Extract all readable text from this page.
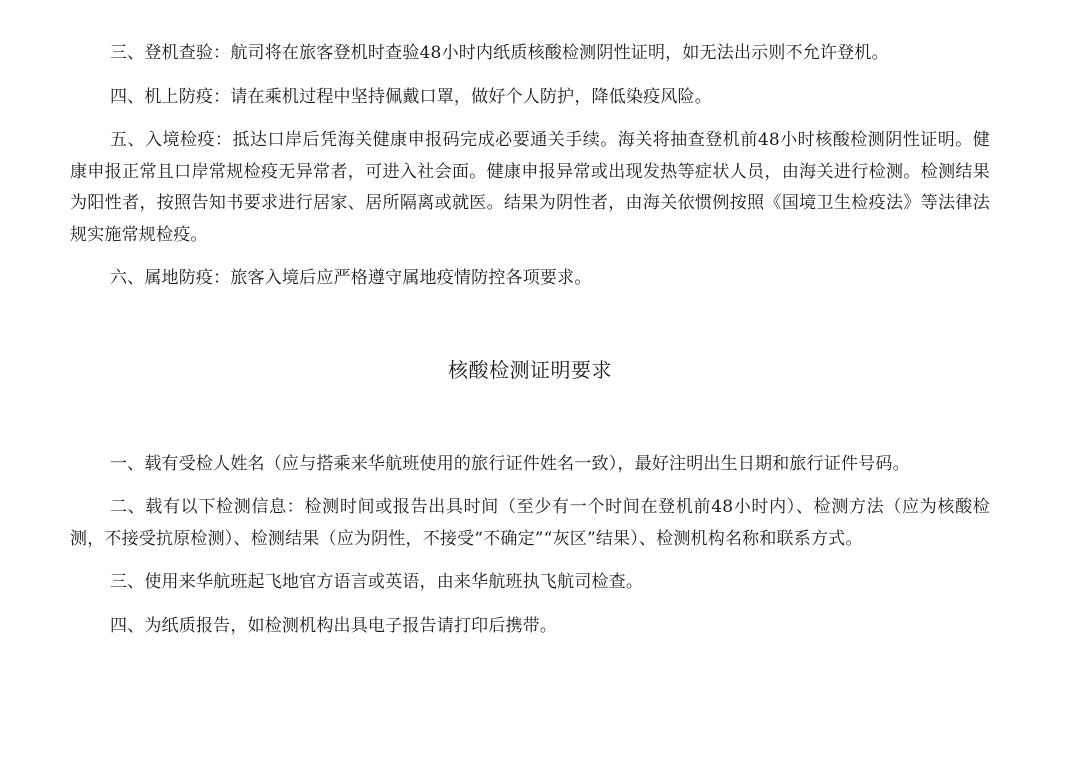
三、登机查验：航司将在旅客登机时查验48小时内纸质核酸检测阴性证明，如无法出示则不允许登机。

四、机上防疫：请在乘机过程中坚持佩戴口罩，做好个人防护，降低染疫风险。

五、入境检疫：抵达口岸后凭海关健康申报码完成必要通关手续。海关将抽查登机前48小时核酸检测阴性证明。健康申报正常且口岸常规检疫无异常者，可进入社会面。健康申报异常或出现发热等症状人员，由海关进行检测。检测结果为阳性者，按照告知书要求进行居家、居所隔离或就医。结果为阴性者，由海关依惯例按照《国境卫生检疫法》等法律法规实施常规检疫。

六、属地防疫：旅客入境后应严格遵守属地疫情防控各项要求。

核酸检测证明要求

一、载有受检人姓名（应与搭乘来华航班使用的旅行证件姓名一致），最好注明出生日期和旅行证件号码。

二、载有以下检测信息：检测时间或报告出具时间（至少有一个时间在登机前48小时内）、检测方法（应为核酸检测，不接受抗原检测）、检测结果（应为阴性，不接受“不确定”“灰区”结果）、检测机构名称和联系方式。

三、使用来华航班起飞地官方语言或英语，由来华航班执飞航司检查。

四、为纸质报告，如检测机构出具电子报告请打印后携带。
